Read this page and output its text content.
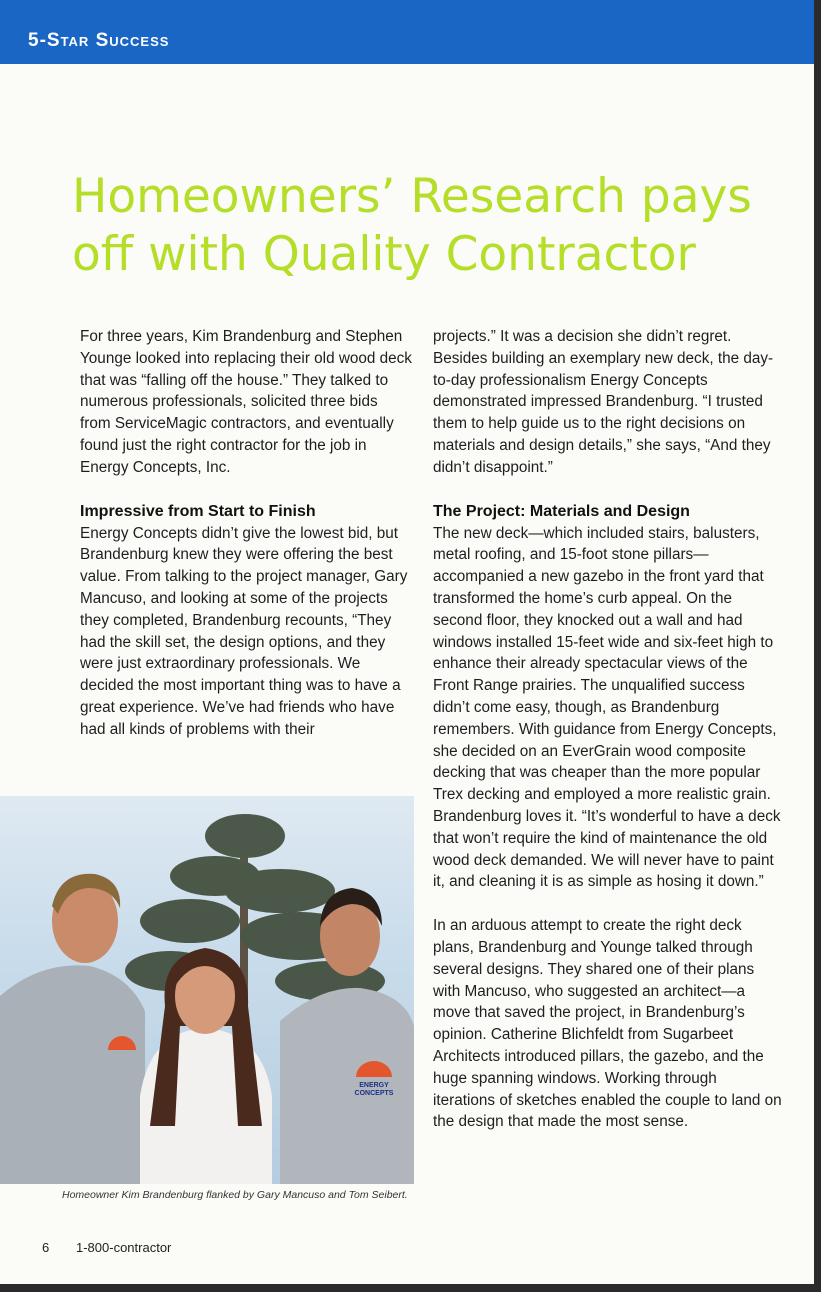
5-Star Success
Homeowners’ Research pays off with Quality Contractor

For three years, Kim Brandenburg and Stephen Younge looked into replacing their old wood deck that was “falling off the house.” They talked to numerous professionals, solicited three bids from ServiceMagic contractors, and eventually found just the right contractor for the job in Energy Concepts, Inc.

Impressive from Start to Finish

Energy Concepts didn’t give the lowest bid, but Brandenburg knew they were offering the best value. From talking to the project manager, Gary Mancuso, and looking at some of the projects they completed, Brandenburg recounts, “They had the skill set, the design options, and they were just extraordinary professionals. We decided the most important thing was to have a great experience. We’ve had friends who have had all kinds of problems with their

projects.” It was a decision she didn’t regret. Besides building an exemplary new deck, the day-to-day professionalism Energy Concepts demonstrated impressed Brandenburg. “I trusted them to help guide us to the right decisions on materials and design details,” she says, “And they didn’t disappoint.”

The Project: Materials and Design

The new deck—which included stairs, balusters, metal roofing, and 15-foot stone pillars—accompanied a new gazebo in the front yard that transformed the home’s curb appeal. On the second floor, they knocked out a wall and had windows installed 15-feet wide and six-feet high to enhance their already spectacular views of the Front Range prairies. The unqualified success didn’t come easy, though, as Brandenburg remembers. With guidance from Energy Concepts, she decided on an EverGrain wood composite decking that was cheaper than the more popular Trex decking and employed a more realistic grain. Brandenburg loves it. “It’s wonderful to have a deck that won’t require the kind of maintenance the old wood deck demanded. We will never have to paint it, and cleaning it is as simple as hosing it down.”

In an arduous attempt to create the right deck plans, Brandenburg and Younge talked through several designs. They shared one of their plans with Mancuso, who suggested an architect—a move that saved the project, in Brandenburg’s opinion. Catherine Blichfeldt from Sugarbeet Architects introduced pillars, the gazebo, and the huge spanning windows. Working through iterations of sketches enabled the couple to land on the design that made the most sense.

ENERGY
CONCEPTS
Homeowner Kim Brandenburg flanked by Gary Mancuso and Tom Seibert.
6 1-800-contractor
